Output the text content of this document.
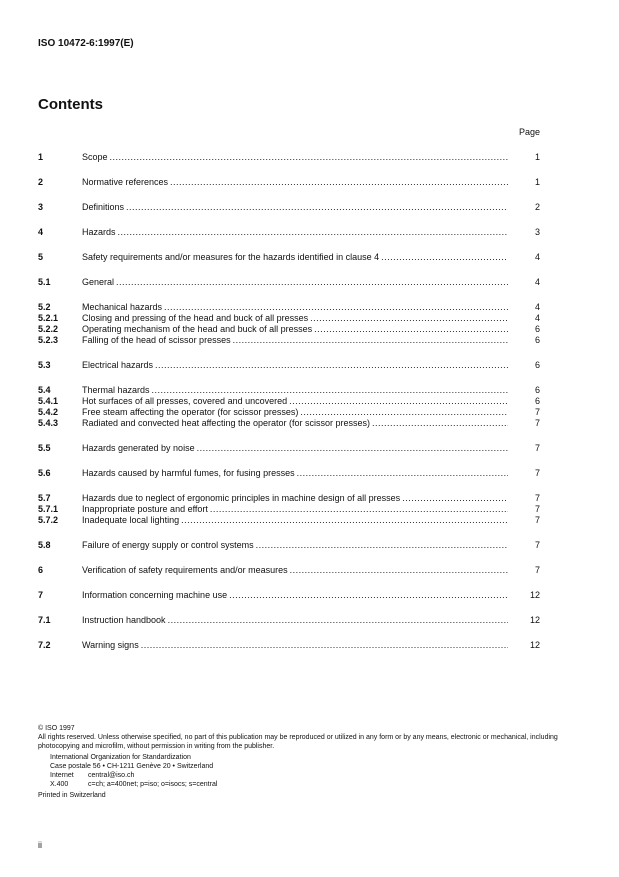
ISO 10472-6:1997(E)
Contents
Page
1	Scope .....	1
2	Normative references .....	1
3	Definitions .....	2
4	Hazards .....	3
5	Safety requirements and/or measures for the hazards identified in clause 4 .....	4
5.1	General .....	4
5.2	Mechanical hazards .....	4
5.2.1	Closing and pressing of the head and buck of all presses .....	4
5.2.2	Operating mechanism of the head and buck of all presses .....	6
5.2.3	Falling of the head of scissor presses .....	6
5.3	Electrical hazards .....	6
5.4	Thermal hazards .....	6
5.4.1	Hot surfaces of all presses, covered and uncovered .....	6
5.4.2	Free steam affecting the operator (for scissor presses) .....	7
5.4.3	Radiated and convected heat affecting the operator (for scissor presses) .....	7
5.5	Hazards generated by noise .....	7
5.6	Hazards caused by harmful fumes, for fusing presses .....	7
5.7	Hazards due to neglect of ergonomic principles in machine design of all presses .....	7
5.7.1	Inappropriate posture and effort .....	7
5.7.2	Inadequate local lighting .....	7
5.8	Failure of energy supply or control systems .....	7
6	Verification of safety requirements and/or measures .....	7
7	Information concerning machine use .....	12
7.1	Instruction handbook .....	12
7.2	Warning signs .....	12
© ISO 1997
All rights reserved. Unless otherwise specified, no part of this publication may be reproduced or utilized in any form or by any means, electronic or mechanical, including photocopying and microfilm, without permission in writing from the publisher.
International Organization for Standardization
Case postale 56 • CH-1211 Genève 20 • Switzerland
Internet central@iso.ch
X.400	c=ch; a=400net; p=iso; o=isocs; s=central
Printed in Switzerland
ii
